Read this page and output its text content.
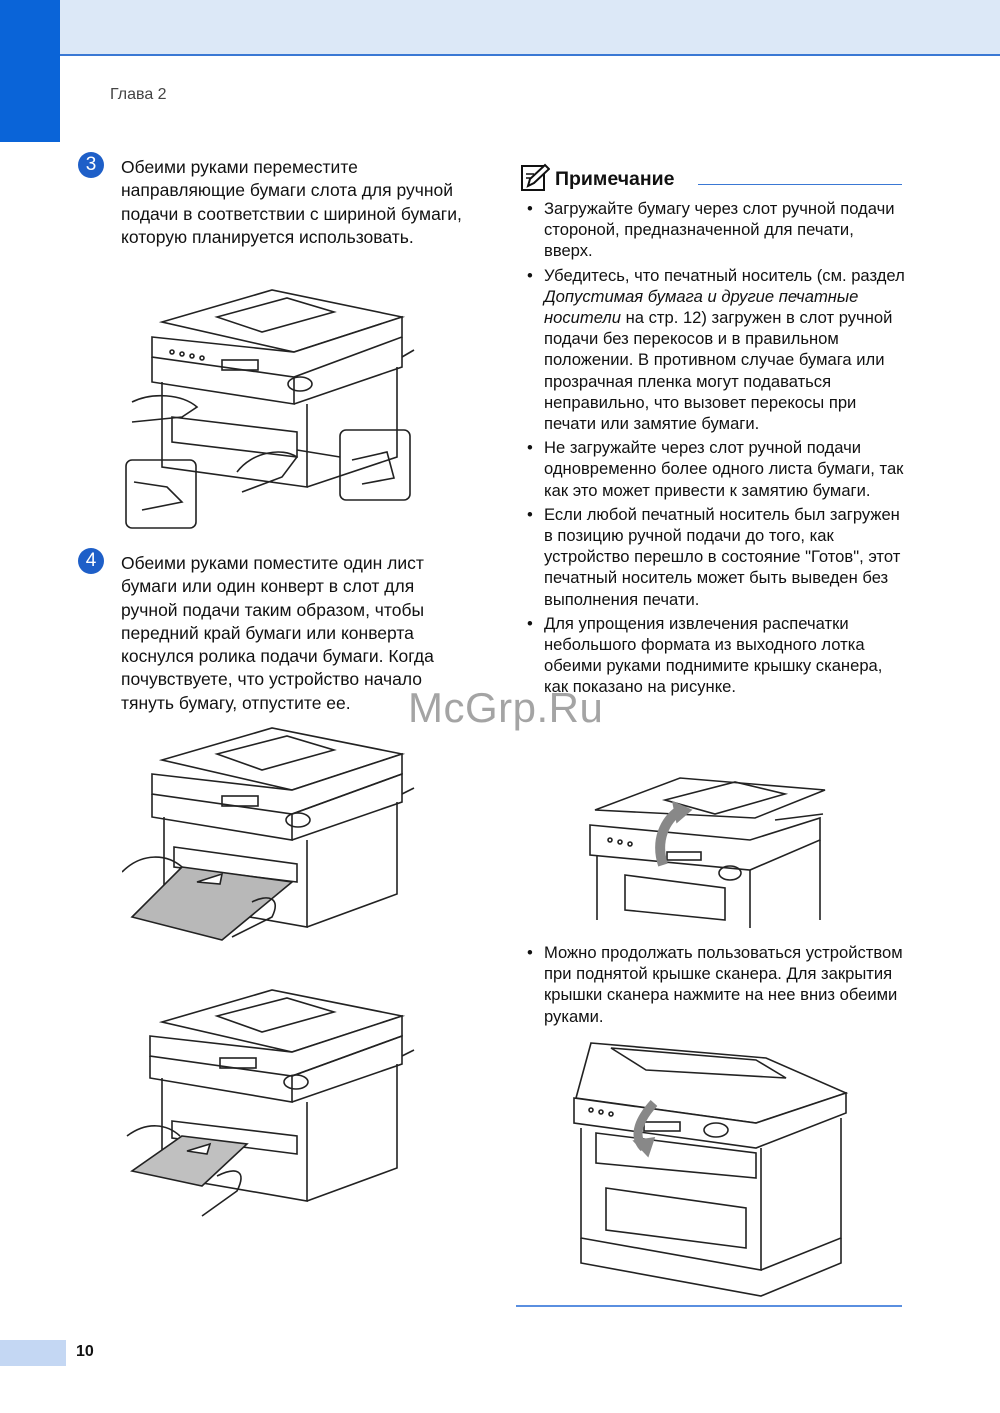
Глава 2
3	Обеими руками переместите направляющие бумаги слота для ручной подачи в соответствии с шириной бумаги, которую планируется использовать.
4	Обеими руками поместите один лист бумаги или один конверт в слот для ручной подачи таким образом, чтобы передний край бумаги или конверта коснулся ролика подачи бумаги. Когда почувствуете, что устройство начало тянуть бумагу, отпустите ее.
Примечание
• Загружайте бумагу через слот ручной подачи стороной, предназначенной для печати, вверх.
• Убедитесь, что печатный носитель (см. раздел Допустимая бумага и другие печатные носители на стр. 12) загружен в слот ручной подачи без перекосов и в правильном положении. В противном случае бумага или прозрачная пленка могут подаваться неправильно, что вызовет перекосы при печати или замятие бумаги.
• Не загружайте через слот ручной подачи одновременно более одного листа бумаги, так как это может привести к замятию бумаги.
• Если любой печатный носитель был загружен в позицию ручной подачи до того, как устройство перешло в состояние "Готов", этот печатный носитель может быть выведен без выполнения печати.
• Для упрощения извлечения распечатки небольшого формата из выходного лотка обеими руками поднимите крышку сканера, как показано на рисунке.
• Можно продолжать пользоваться устройством при поднятой крышке сканера. Для закрытия крышки сканера нажмите на нее вниз обеими руками.
McGrp.Ru
10
